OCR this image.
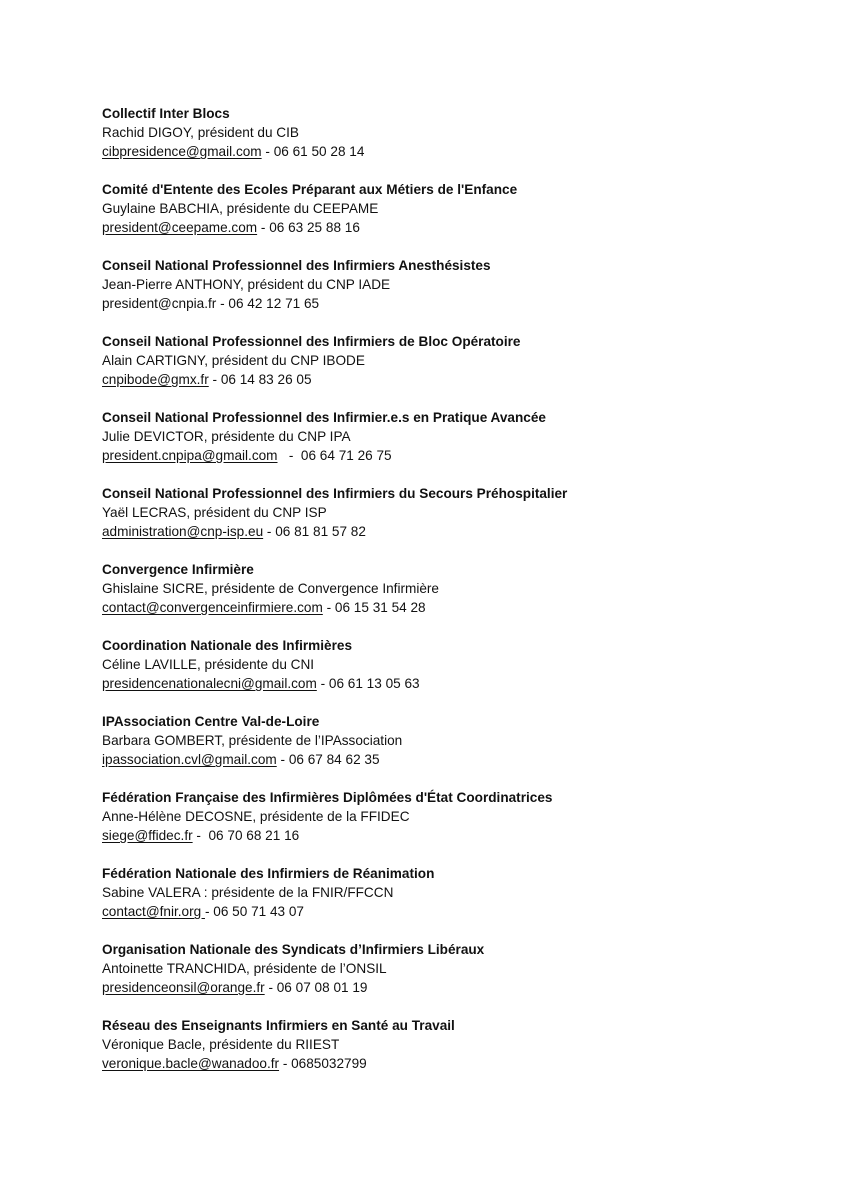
Collectif Inter Blocs
Rachid DIGOY, président du CIB
cibpresidence@gmail.com - 06 61 50 28 14
Comité d'Entente des Ecoles Préparant aux Métiers de l'Enfance
Guylaine BABCHIA, présidente du CEEPAME
president@ceepame.com - 06 63 25 88 16
Conseil National Professionnel des Infirmiers Anesthésistes
Jean-Pierre ANTHONY, président du CNP IADE
president@cnpia.fr - 06 42 12 71 65
Conseil National Professionnel des Infirmiers de Bloc Opératoire
Alain CARTIGNY, président du CNP IBODE
cnpibode@gmx.fr - 06 14 83 26 05
Conseil National Professionnel des Infirmier.e.s en Pratique Avancée
Julie DEVICTOR, présidente du CNP IPA
president.cnpipa@gmail.com   -  06 64 71 26 75
Conseil National Professionnel des Infirmiers du Secours Préhospitalier
Yaël LECRAS, président du CNP ISP
administration@cnp-isp.eu - 06 81 81 57 82
Convergence Infirmière
Ghislaine SICRE, présidente de Convergence Infirmière
contact@convergenceinfirmiere.com - 06 15 31 54 28
Coordination Nationale des Infirmières
Céline LAVILLE, présidente du CNI
presidencenationalecni@gmail.com - 06 61 13 05 63
IPAssociation Centre Val-de-Loire
Barbara GOMBERT, présidente de l’IPAssociation
ipassociation.cvl@gmail.com - 06 67 84 62 35
Fédération Française des Infirmières Diplômées d'État Coordinatrices
Anne-Hélène DECOSNE, présidente de la FFIDEC
siege@ffidec.fr -  06 70 68 21 16
Fédération Nationale des Infirmiers de Réanimation
Sabine VALERA : présidente de la FNIR/FFCCN
contact@fnir.org - 06 50 71 43 07
Organisation Nationale des Syndicats d’Infirmiers Libéraux
Antoinette TRANCHIDA, présidente de l’ONSIL
presidenceonsil@orange.fr - 06 07 08 01 19
Réseau des Enseignants Infirmiers en Santé au Travail
Véronique Bacle, présidente du RIIEST
veronique.bacle@wanadoo.fr - 0685032799
